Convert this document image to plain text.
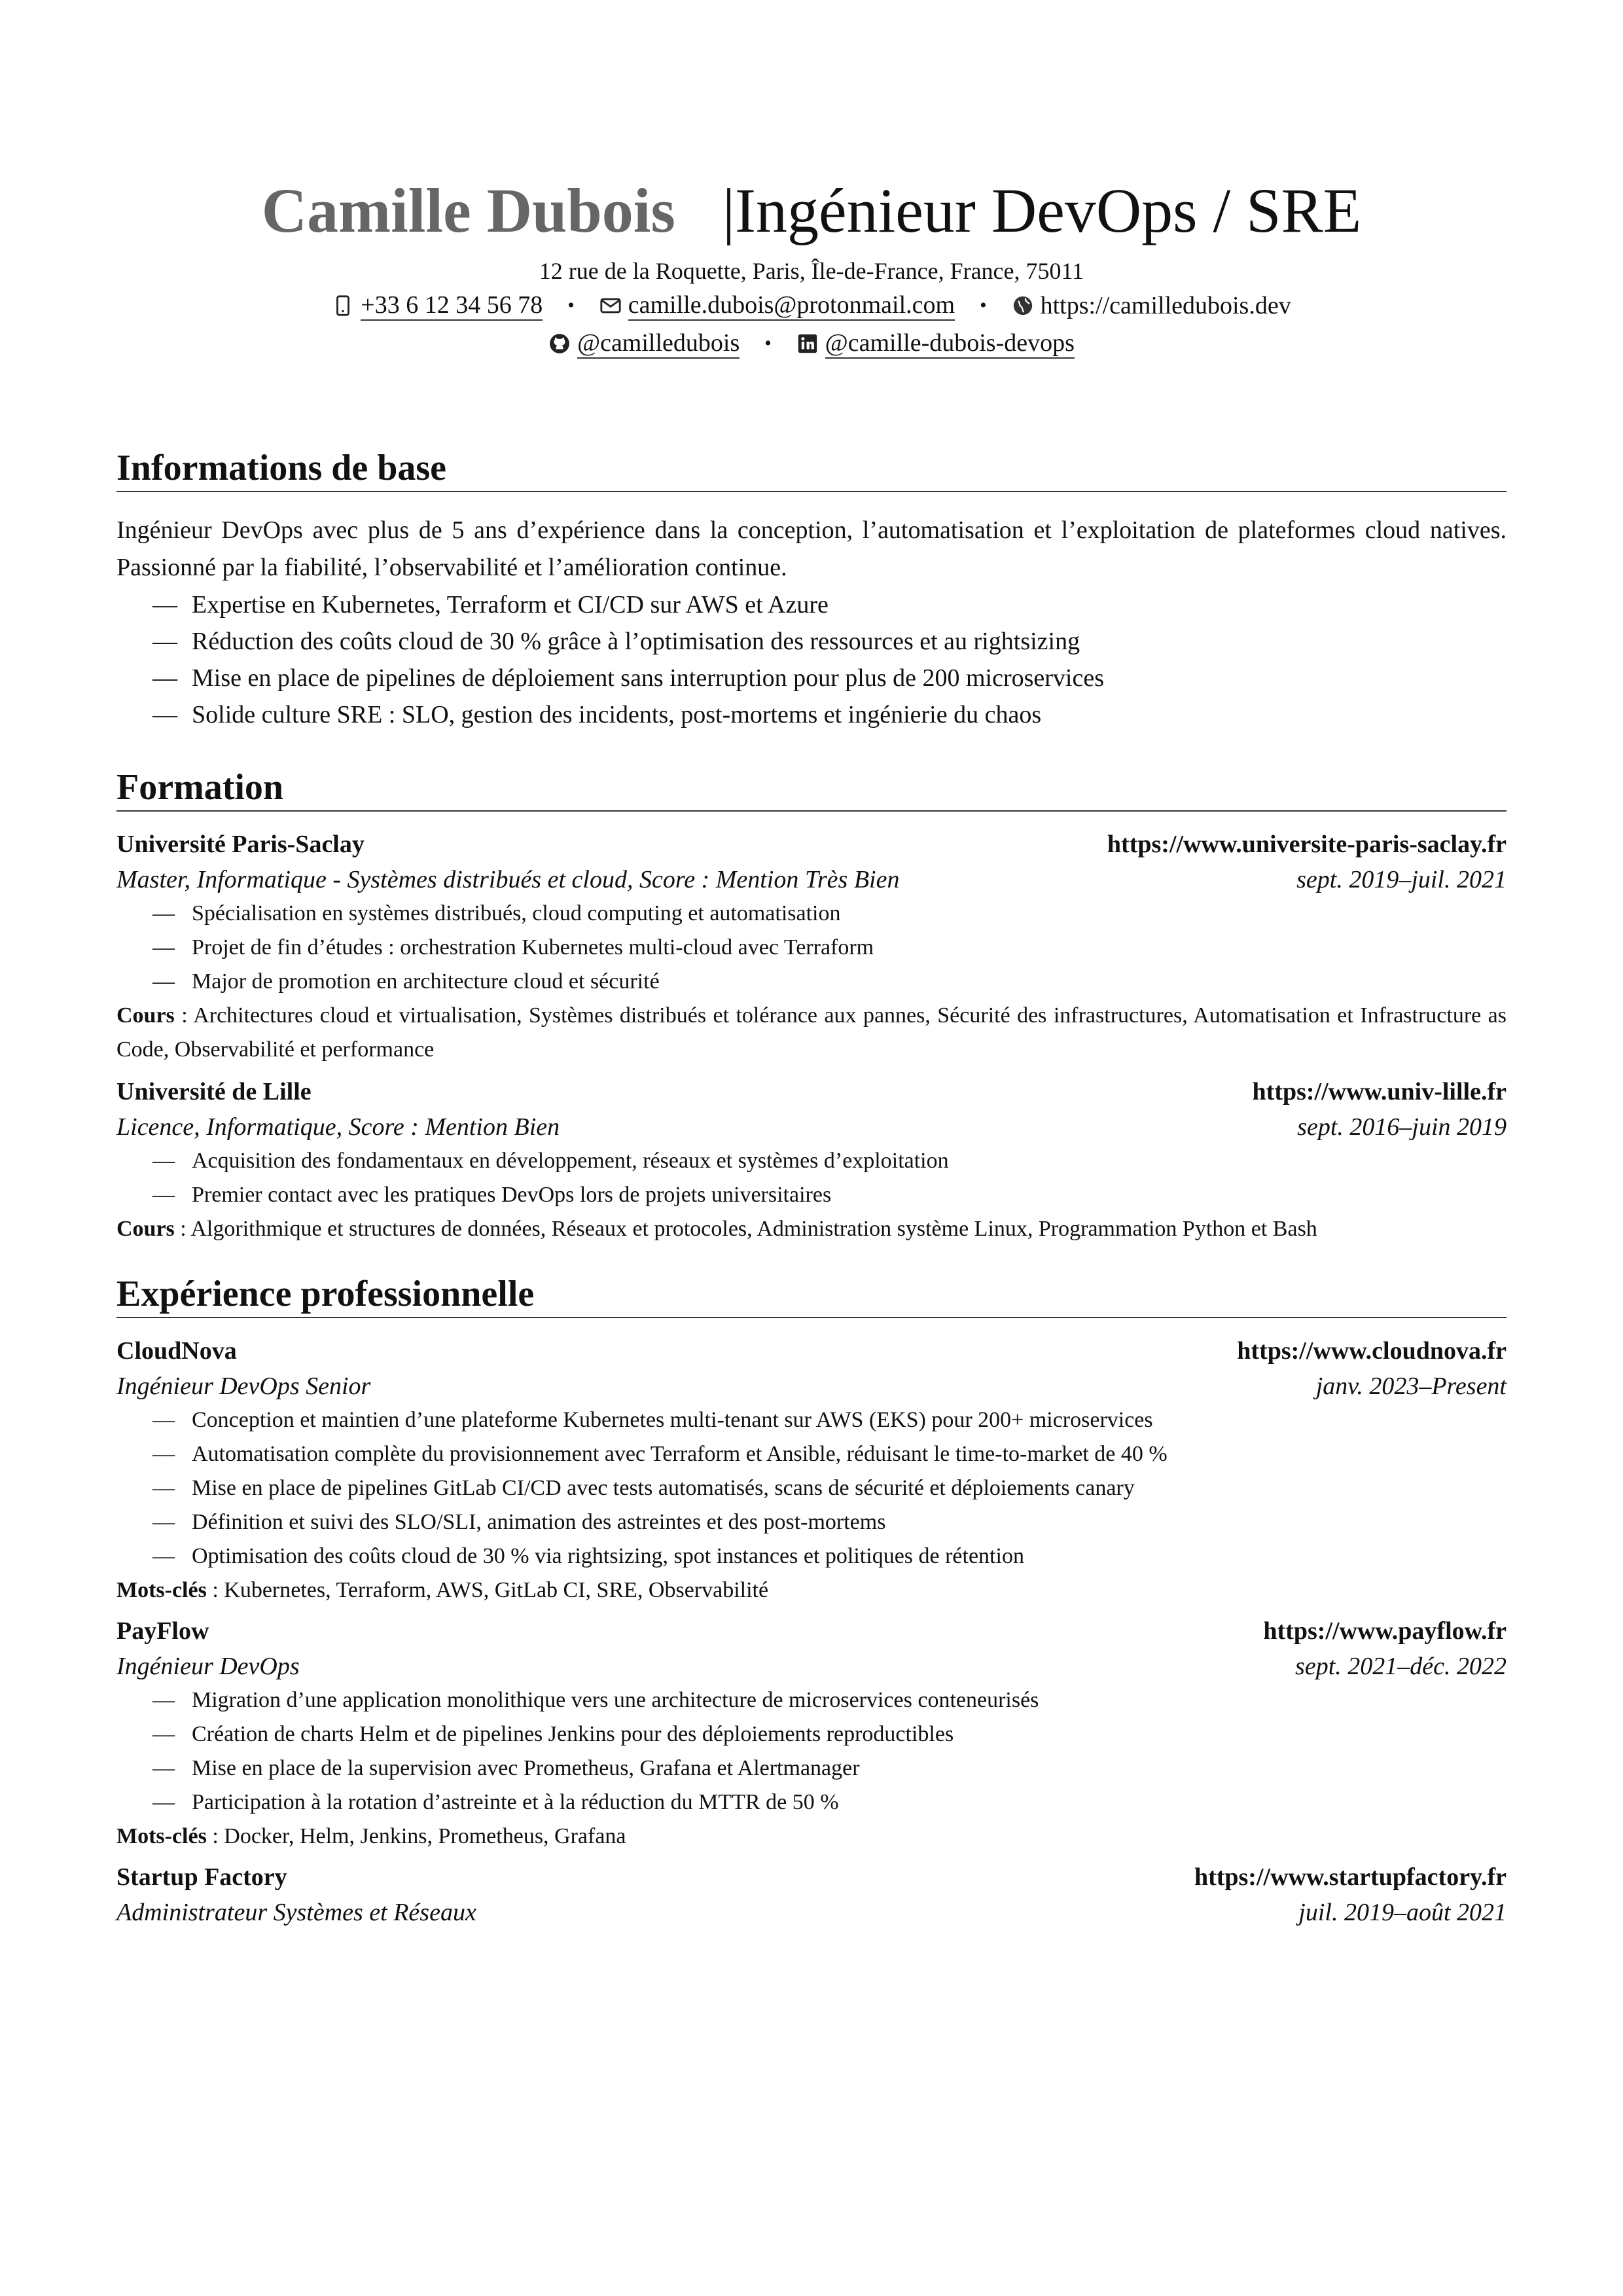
Camille Dubois |Ingénieur DevOps / SRE
12 rue de la Roquette, Paris, Île-de-France, France, 75011
+33 6 12 34 56 78 • camille.dubois@protonmail.com • https://camilledubois.dev
@camilledubois • @camille-dubois-devops
Informations de base
Ingénieur DevOps avec plus de 5 ans d’expérience dans la conception, l’automatisation et l’exploitation de plateformes cloud natives. Passionné par la fiabilité, l’observabilité et l’amélioration continue.
— Expertise en Kubernetes, Terraform et CI/CD sur AWS et Azure
— Réduction des coûts cloud de 30 % grâce à l’optimisation des ressources et au rightsizing
— Mise en place de pipelines de déploiement sans interruption pour plus de 200 microservices
— Solide culture SRE : SLO, gestion des incidents, post-mortems et ingénierie du chaos
Formation
Université Paris-Saclay	https://www.universite-paris-saclay.fr
Master, Informatique - Systèmes distribués et cloud, Score : Mention Très Bien	sept. 2019–juil. 2021
— Spécialisation en systèmes distribués, cloud computing et automatisation
— Projet de fin d’études : orchestration Kubernetes multi-cloud avec Terraform
— Major de promotion en architecture cloud et sécurité
Cours : Architectures cloud et virtualisation, Systèmes distribués et tolérance aux pannes, Sécurité des infrastructures, Automatisation et Infrastructure as Code, Observabilité et performance
Université de Lille	https://www.univ-lille.fr
Licence, Informatique, Score : Mention Bien	sept. 2016–juin 2019
— Acquisition des fondamentaux en développement, réseaux et systèmes d’exploitation
— Premier contact avec les pratiques DevOps lors de projets universitaires
Cours : Algorithmique et structures de données, Réseaux et protocoles, Administration système Linux, Programmation Python et Bash
Expérience professionnelle
CloudNova	https://www.cloudnova.fr
Ingénieur DevOps Senior	janv. 2023–Present
— Conception et maintien d’une plateforme Kubernetes multi-tenant sur AWS (EKS) pour 200+ microservices
— Automatisation complète du provisionnement avec Terraform et Ansible, réduisant le time-to-market de 40 %
— Mise en place de pipelines GitLab CI/CD avec tests automatisés, scans de sécurité et déploiements canary
— Définition et suivi des SLO/SLI, animation des astreintes et des post-mortems
— Optimisation des coûts cloud de 30 % via rightsizing, spot instances et politiques de rétention
Mots-clés : Kubernetes, Terraform, AWS, GitLab CI, SRE, Observabilité
PayFlow	https://www.payflow.fr
Ingénieur DevOps	sept. 2021–déc. 2022
— Migration d’une application monolithique vers une architecture de microservices conteneurisés
— Création de charts Helm et de pipelines Jenkins pour des déploiements reproductibles
— Mise en place de la supervision avec Prometheus, Grafana et Alertmanager
— Participation à la rotation d’astreinte et à la réduction du MTTR de 50 %
Mots-clés : Docker, Helm, Jenkins, Prometheus, Grafana
Startup Factory	https://www.startupfactory.fr
Administrateur Systèmes et Réseaux	juil. 2019–août 2021
